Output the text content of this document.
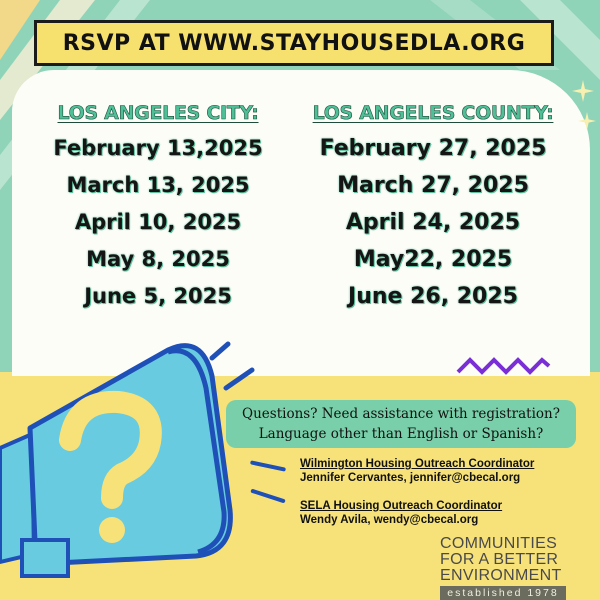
RSVP AT WWW.STAYHOUSEDLA.ORG
LOS ANGELES CITY:
February 13,2025
March 13, 2025
April 10, 2025
May 8, 2025
June 5, 2025
LOS ANGELES COUNTY:
February 27, 2025
March 27, 2025
April 24, 2025
May22, 2025
June 26, 2025
Questions? Need assistance with registration?
Language other than English or Spanish?
Wilmington Housing Outreach Coordinator
Jennifer Cervantes, jennifer@cbecal.org
SELA Housing Outreach Coordinator
Wendy Avila, wendy@cbecal.org
COMMUNITIES
FOR A BETTER
ENVIRONMENT
established 1978
